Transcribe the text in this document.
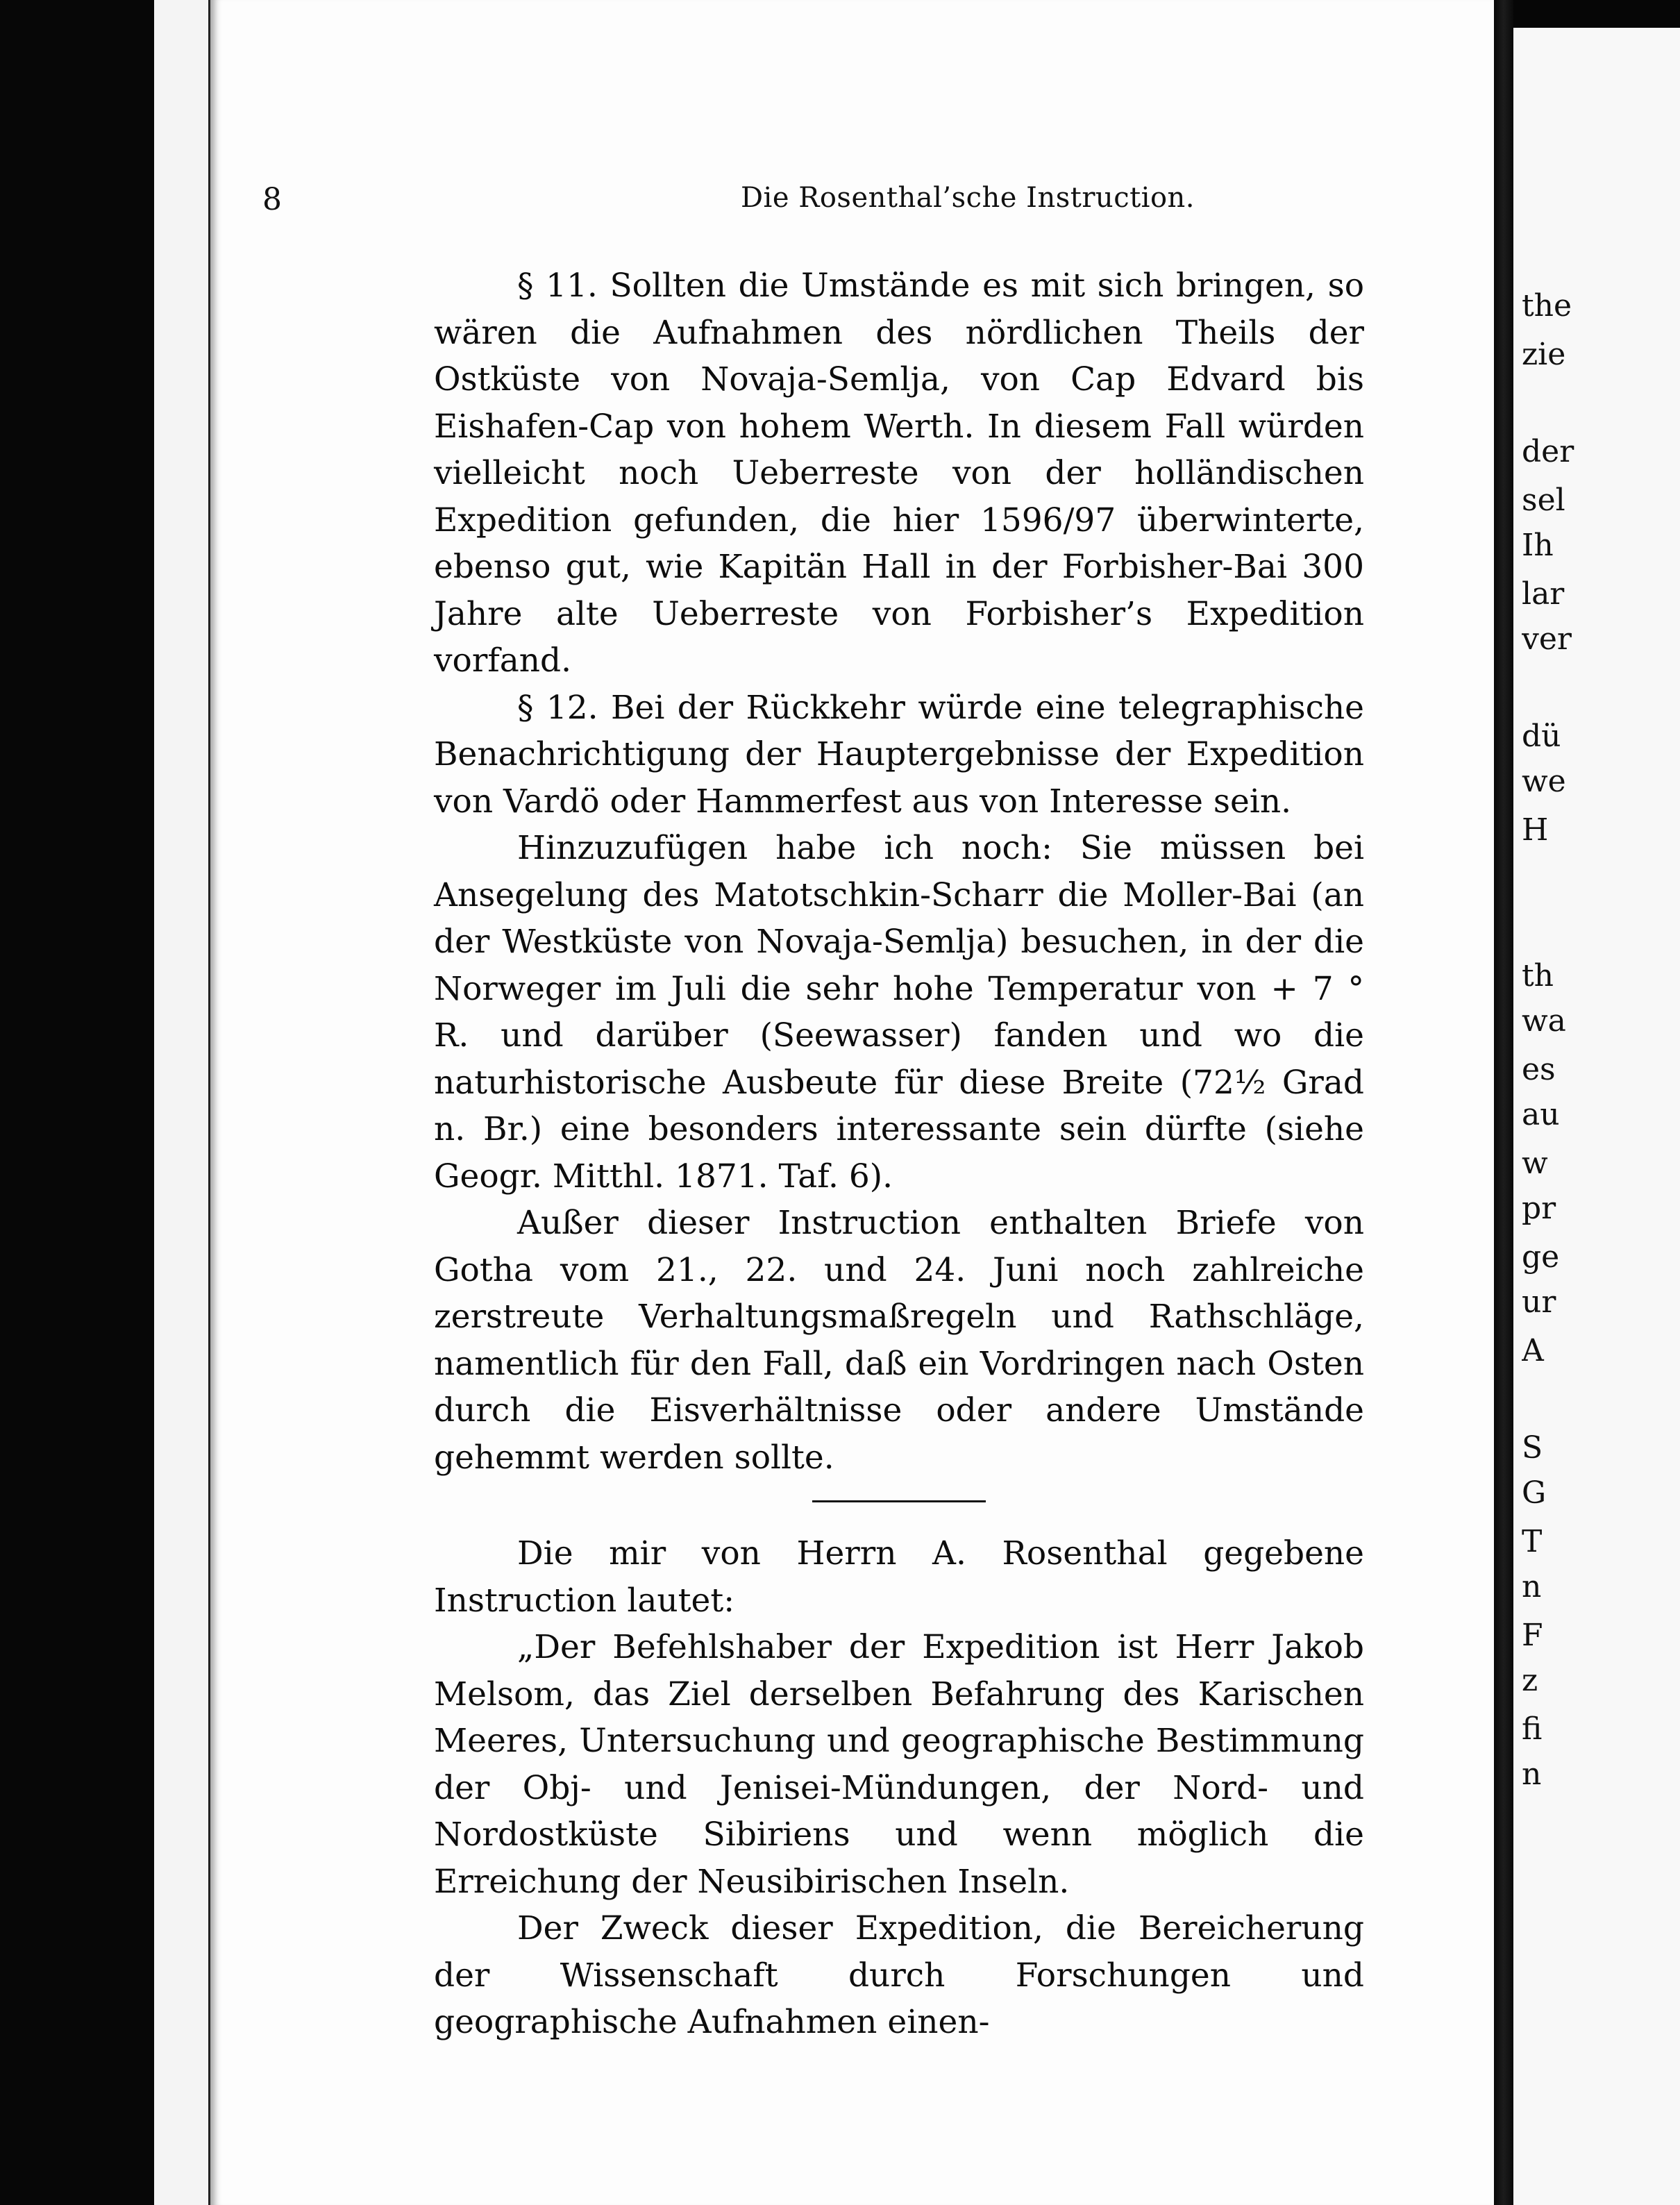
8	Die Rosenthal’sche Instruction.

§ 11. Sollten die Umstände es mit sich bringen, so wären die Aufnahmen des nördlichen Theils der Ostküste von Novaja-Semlja, von Cap Edvard bis Eishafen-Cap von hohem Werth. In diesem Fall würden vielleicht noch Ueberreste von der holländischen Expedition gefunden, die hier 1596/97 überwinterte, ebenso gut, wie Kapitän Hall in der Forbisher-Bai 300 Jahre alte Ueberreste von Forbisher’s Expedition vorfand.

§ 12. Bei der Rückkehr würde eine telegraphische Benachrichtigung der Hauptergebnisse der Expedition von Vardö oder Hammerfest aus von Interesse sein.

Hinzuzufügen habe ich noch: Sie müssen bei Ansegelung des Matotschkin-Scharr die Moller-Bai (an der Westküste von Novaja-Semlja) besuchen, in der die Norweger im Juli die sehr hohe Temperatur von + 7 ° R. und darüber (Seewasser) fanden und wo die naturhistorische Ausbeute für diese Breite (72½ Grad n. Br.) eine besonders interessante sein dürfte (siehe Geogr. Mitthl. 1871. Taf. 6).

Außer dieser Instruction enthalten Briefe von Gotha vom 21., 22. und 24. Juni noch zahlreiche zerstreute Verhaltungsmaßregeln und Rathschläge, namentlich für den Fall, daß ein Vordringen nach Osten durch die Eisverhältnisse oder andere Umstände gehemmt werden sollte.

Die mir von Herrn A. Rosenthal gegebene Instruction lautet:

„Der Befehlshaber der Expedition ist Herr Jakob Melsom, das Ziel derselben Befahrung des Karischen Meeres, Untersuchung und geographische Bestimmung der Obj- und Jenisei-Mündungen, der Nord- und Nordostküste Sibiriens und wenn möglich die Erreichung der Neusibirischen Inseln.

Der Zweck dieser Expedition, die Bereicherung der Wissenschaft durch Forschungen und geographische Aufnahmen einen-

the
zie
der
sel
Ih
lar
ver
dü
we
H
th
wa
es
au
w
pr
ge
ur
A
S
G
T
n
F
z
fi
n
